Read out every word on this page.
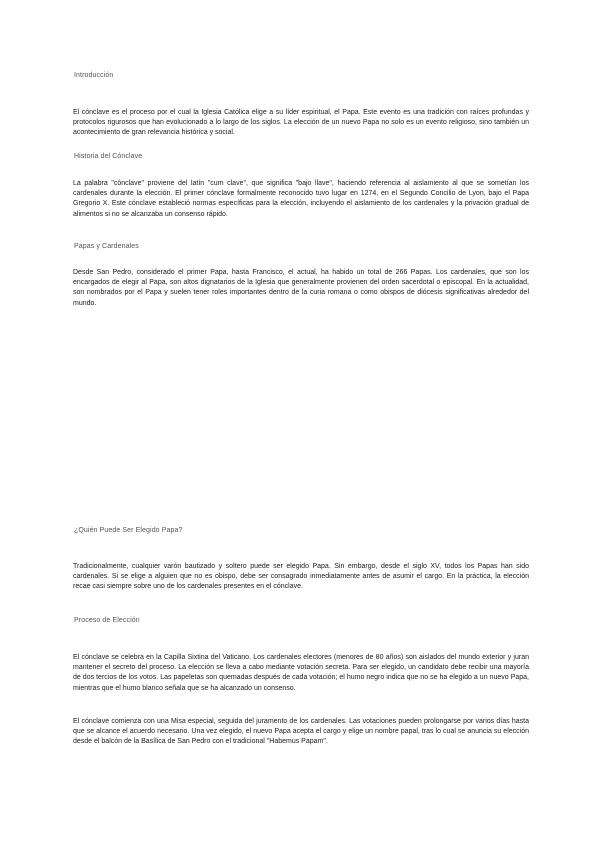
Introducción
El cónclave es el proceso por el cual la Iglesia Católica elige a su líder espiritual, el Papa. Este evento es una tradición con raíces profundas y protocolos rigurosos que han evolucionado a lo largo de los siglos. La elección de un nuevo Papa no solo es un evento religioso, sino también un acontecimiento de gran relevancia histórica y social.
Historia del Cónclave
La palabra "cónclave" proviene del latín "cum clave", que significa "bajo llave", haciendo referencia al aislamiento al que se sometían los cardenales durante la elección. El primer cónclave formalmente reconocido tuvo lugar en 1274, en el Segundo Concilio de Lyon, bajo el Papa Gregorio X. Este cónclave estableció normas específicas para la elección, incluyendo el aislamiento de los cardenales y la privación gradual de alimentos si no se alcanzaba un consenso rápido.
Papas y Cardenales
Desde San Pedro, considerado el primer Papa, hasta Francisco, el actual, ha habido un total de 266 Papas. Los cardenales, que son los encargados de elegir al Papa, son altos dignatarios de la Iglesia que generalmente provienen del orden sacerdotal o episcopal. En la actualidad, son nombrados por el Papa y suelen tener roles importantes dentro de la curia romana o como obispos de diócesis significativas alrededor del mundo.
¿Quién Puede Ser Elegido Papa?
Tradicionalmente, cualquier varón bautizado y soltero puede ser elegido Papa. Sin embargo, desde el siglo XV, todos los Papas han sido cardenales. Si se elige a alguien que no es obispo, debe ser consagrado inmediatamente antes de asumir el cargo. En la práctica, la elección recae casi siempre sobre uno de los cardenales presentes en el cónclave.
Proceso de Elección
El cónclave se celebra en la Capilla Sixtina del Vaticano. Los cardenales electores (menores de 80 años) son aislados del mundo exterior y juran mantener el secreto del proceso. La elección se lleva a cabo mediante votación secreta. Para ser elegido, un candidato debe recibir una mayoría de dos tercios de los votos. Las papeletas son quemadas después de cada votación; el humo negro indica que no se ha elegido a un nuevo Papa, mientras que el humo blanco señala que se ha alcanzado un consenso.
El cónclave comienza con una Misa especial, seguida del juramento de los cardenales. Las votaciones pueden prolongarse por varios días hasta que se alcance el acuerdo necesario. Una vez elegido, el nuevo Papa acepta el cargo y elige un nombre papal, tras lo cual se anuncia su elección desde el balcón de la Basílica de San Pedro con el tradicional "Habemus Papam".
